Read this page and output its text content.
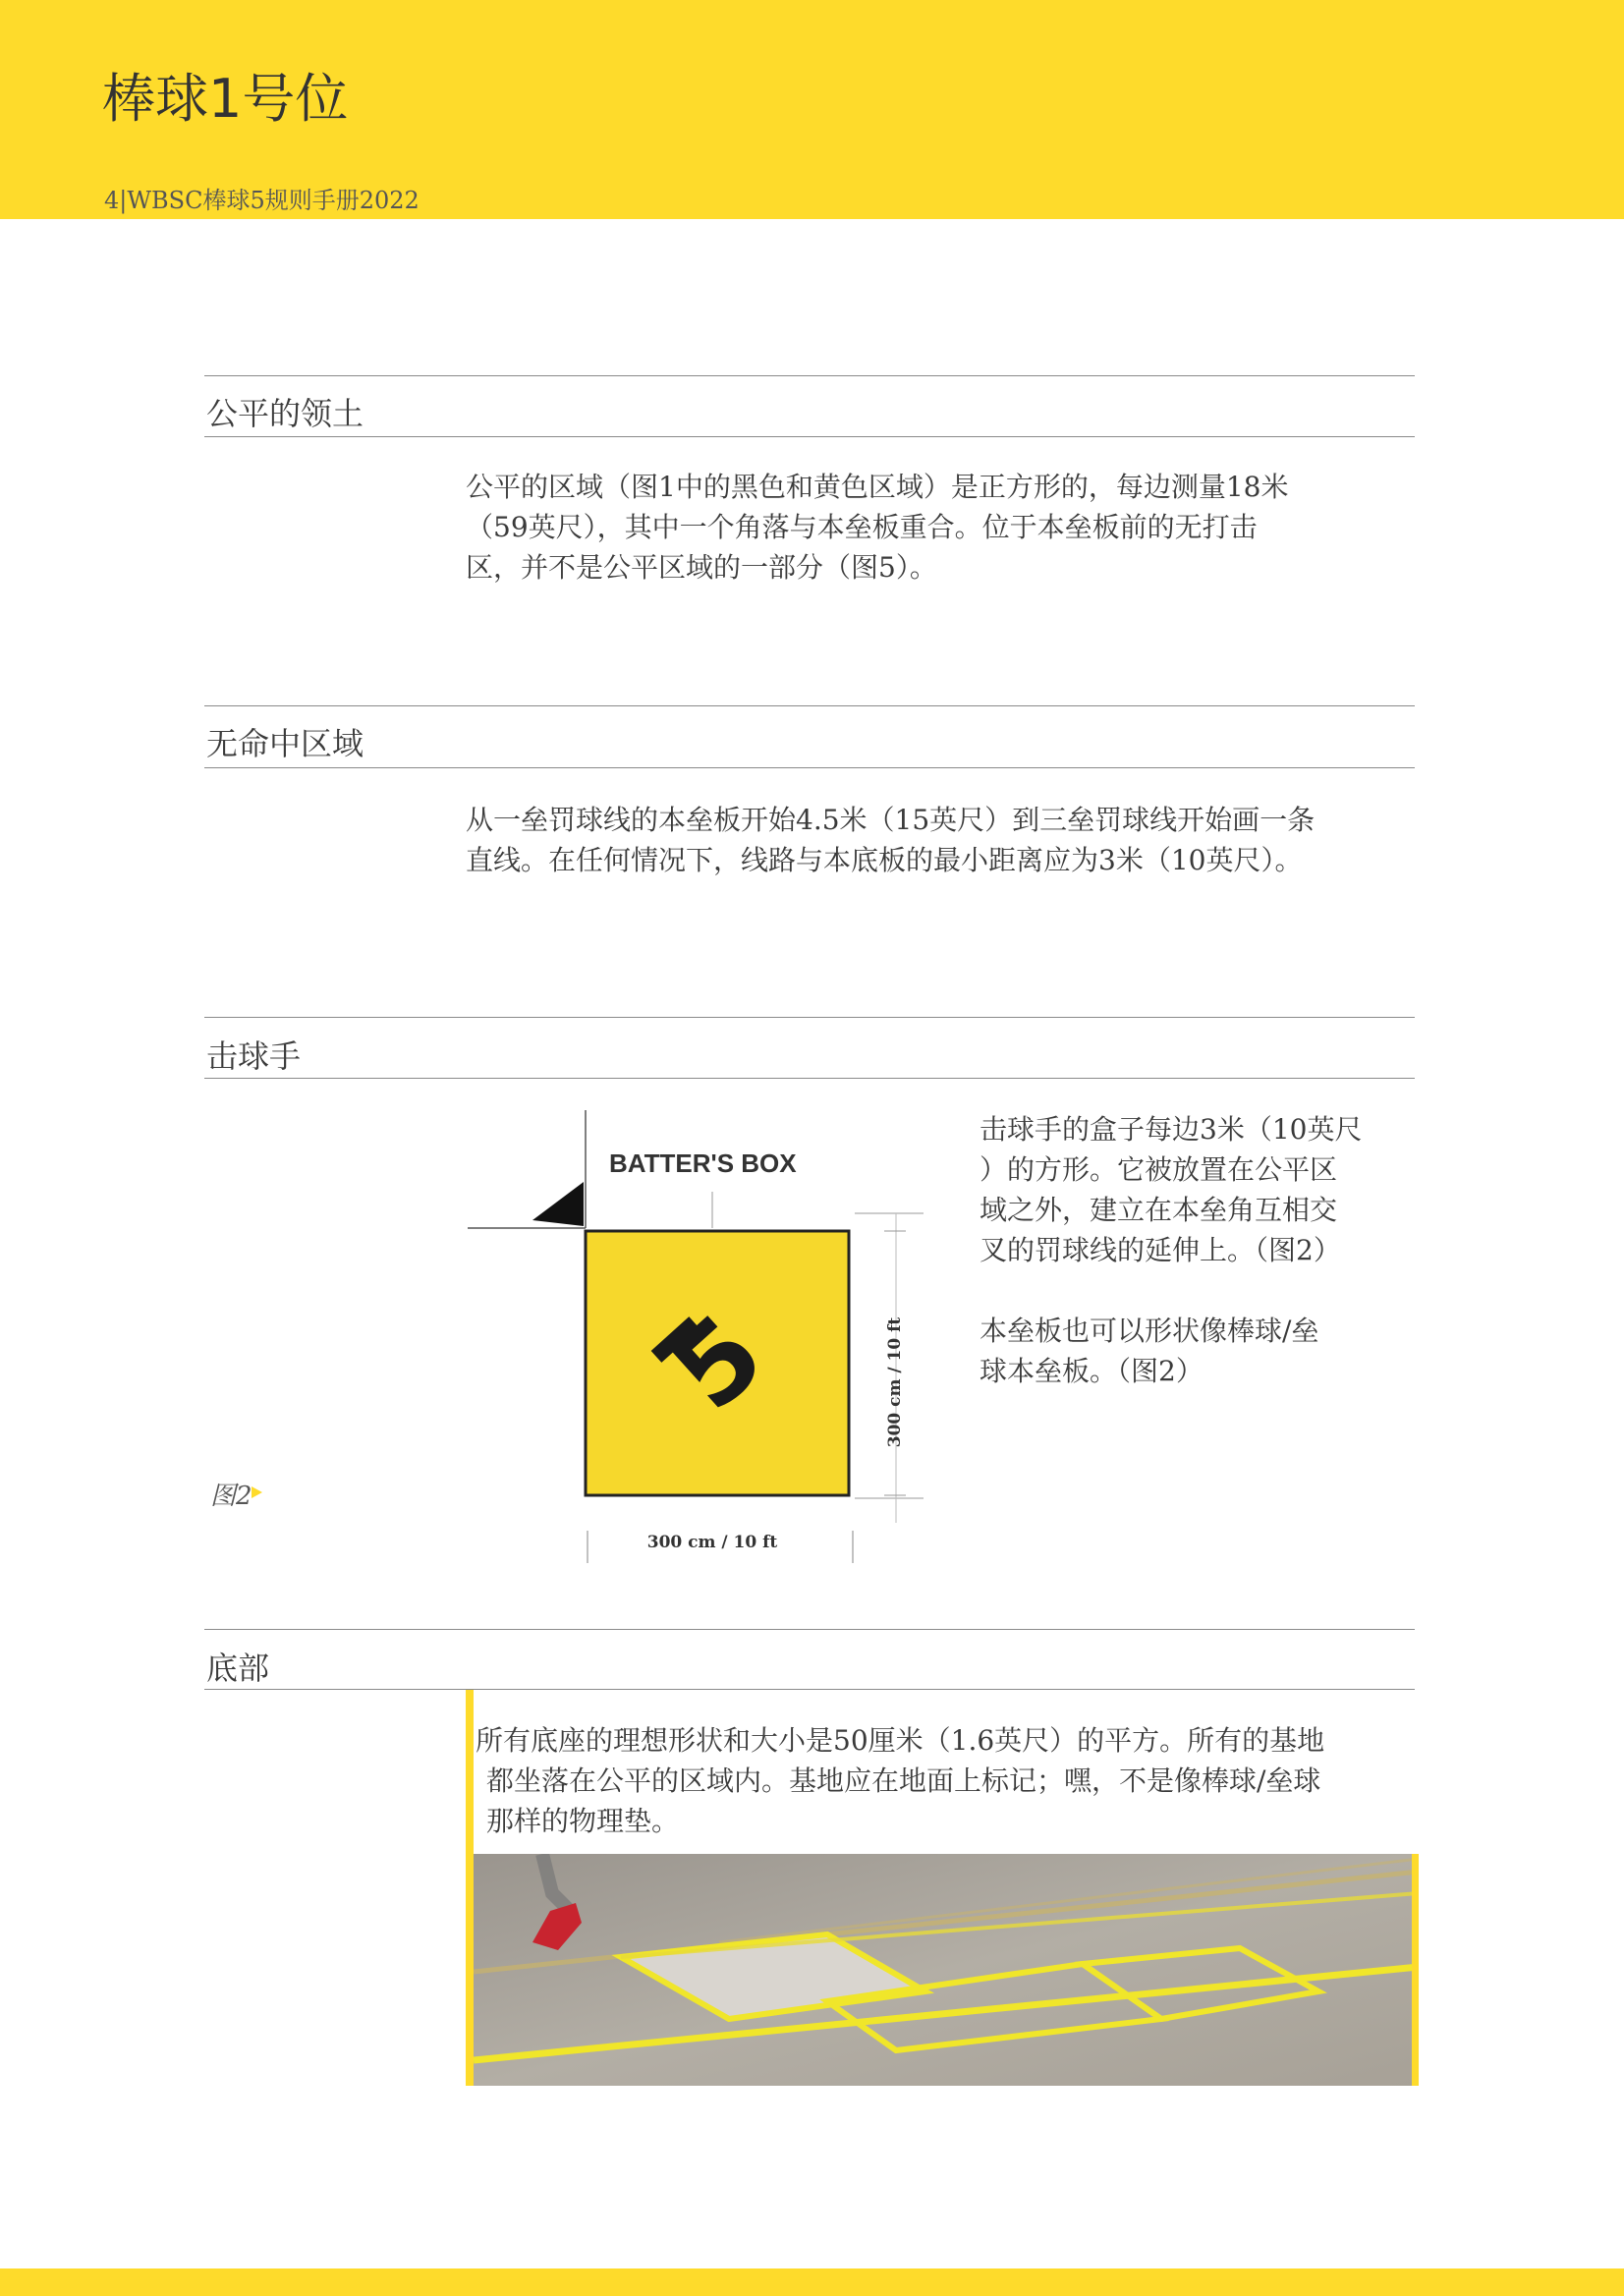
棒球1号位
4|WBSC棒球5规则手册2022
公平的领土
公平的区域（图1中的黑色和黄色区域）是正方形的，每边测量18米
（59英尺），其中一个角落与本垒板重合。位于本垒板前的无打击
区，并不是公平区域的一部分（图5）。
无命中区域
从一垒罚球线的本垒板开始4.5米（15英尺）到三垒罚球线开始画一条
直线。在任何情况下，线路与本底板的最小距离应为3米（10英尺）。
击球手
BATTER'S BOX
5	300 cm / 10 ft
300 cm / 10 ft
击球手的盒子每边3米（10英尺
）的方形。它被放置在公平区
域之外，建立在本垒角互相交
叉的罚球线的延伸上。（图2）
本垒板也可以形状像棒球/垒
球本垒板。（图2）
图2
底部
所有底座的理想形状和大小是50厘米（1.6英尺）的平方。所有的基地
都坐落在公平的区域内。基地应在地面上标记；嘿，不是像棒球/垒球
那样的物理垫。
